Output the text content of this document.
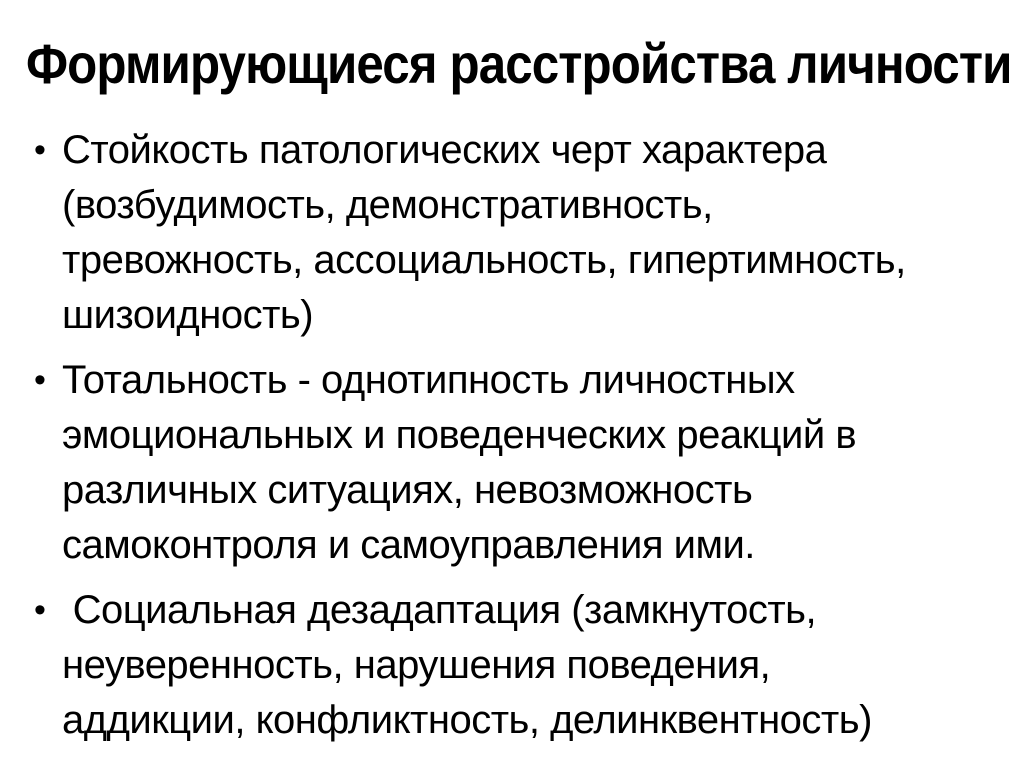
Формирующиеся расстройства личности
• Стойкость патологических черт характера
(возбудимость, демонстративность,
тревожность, ассоциальность, гипертимность,
шизоидность)
• Тотальность - однотипность личностных
эмоциональных и поведенческих реакций в
различных ситуациях, невозможность
самоконтроля и самоуправления ими.
• Социальная дезадаптация (замкнутость,
неуверенность, нарушения поведения,
аддикции, конфликтность, делинквентность)
